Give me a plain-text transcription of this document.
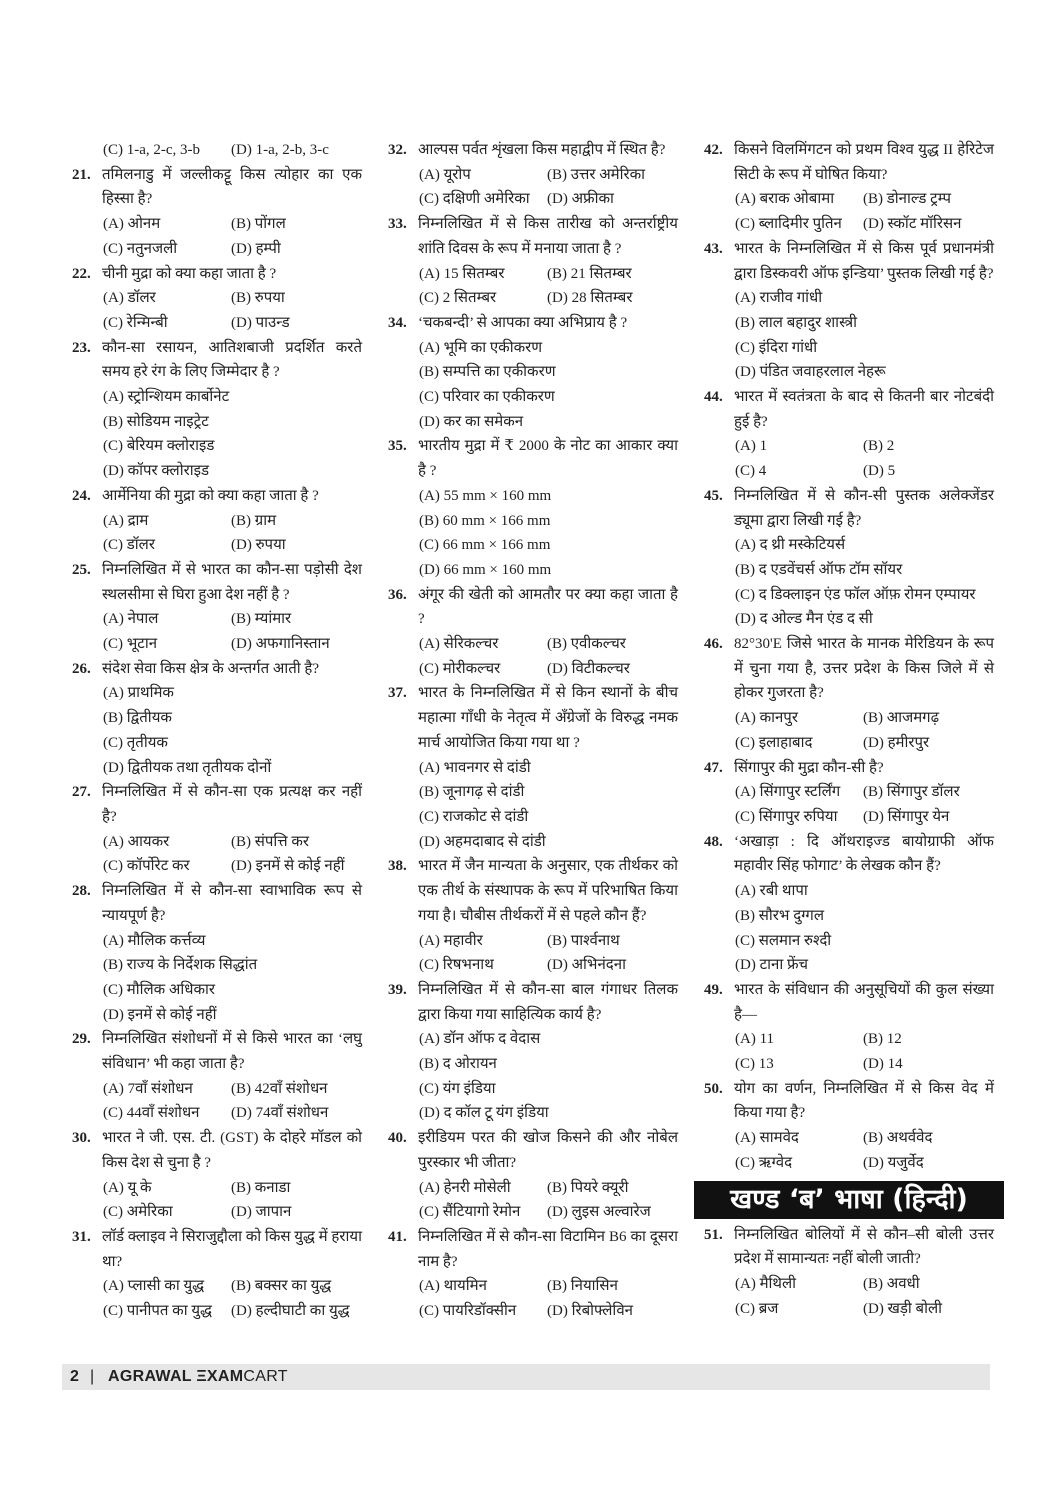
(C) 1-a, 2-c, 3-b	(D) 1-a, 2-b, 3-c
21. तमिलनाडु में जल्लीकट्टू किस त्योहार का एक हिस्सा है?
(A) ओनम	(B) पोंगल
(C) नतुनजली	(D) हम्पी
22. चीनी मुद्रा को क्या कहा जाता है ?
(A) डॉलर	(B) रुपया
(C) रेन्मिन्बी	(D) पाउन्ड
23. कौन-सा रसायन, आतिशबाजी प्रदर्शित करते समय हरे रंग के लिए जिम्मेदार है ?
(A) स्ट्रोन्शियम कार्बोनेट
(B) सोडियम नाइट्रेट
(C) बेरियम क्लोराइड
(D) कॉपर क्लोराइड
24. आर्मेनिया की मुद्रा को क्या कहा जाता है ?
(A) द्राम	(B) ग्राम
(C) डॉलर	(D) रुपया
25. निम्नलिखित में से भारत का कौन-सा पड़ोसी देश स्थलसीमा से घिरा हुआ देश नहीं है ?
(A) नेपाल	(B) म्यांमार
(C) भूटान	(D) अफगानिस्तान
26. संदेश सेवा किस क्षेत्र के अन्तर्गत आती है?
(A) प्राथमिक
(B) द्वितीयक
(C) तृतीयक
(D) द्वितीयक तथा तृतीयक दोनों
27. निम्नलिखित में से कौन-सा एक प्रत्यक्ष कर नहीं है?
(A) आयकर	(B) संपत्ति कर
(C) कॉर्पोरेट कर	(D) इनमें से कोई नहीं
28. निम्नलिखित में से कौन-सा स्वाभाविक रूप से न्यायपूर्ण है?
(A) मौलिक कर्त्तव्य
(B) राज्य के निर्देशक सिद्धांत
(C) मौलिक अधिकार
(D) इनमें से कोई नहीं
29. निम्नलिखित संशोधनों में से किसे भारत का ‘लघु संविधान’ भी कहा जाता है?
(A) 7वाँ संशोधन	(B) 42वाँ संशोधन
(C) 44वाँ संशोधन	(D) 74वाँ संशोधन
30. भारत ने जी. एस. टी. (GST) के दोहरे मॉडल को किस देश से चुना है ?
(A) यू के	(B) कनाडा
(C) अमेरिका	(D) जापान
31. लॉर्ड क्लाइव ने सिराजुद्दौला को किस युद्ध में हराया था?
(A) प्लासी का युद्ध	(B) बक्सर का युद्ध
(C) पानीपत का युद्ध	(D) हल्दीघाटी का युद्ध
32. आल्पस पर्वत शृंखला किस महाद्वीप में स्थित है?
(A) यूरोप	(B) उत्तर अमेरिका
(C) दक्षिणी अमेरिका	(D) अफ्रीका
33. निम्नलिखित में से किस तारीख को अन्तर्राष्ट्रीय शांति दिवस के रूप में मनाया जाता है ?
(A) 15 सितम्बर	(B) 21 सितम्बर
(C) 2 सितम्बर	(D) 28 सितम्बर
34. ‘चकबन्दी’ से आपका क्या अभिप्राय है ?
(A) भूमि का एकीकरण
(B) सम्पत्ति का एकीकरण
(C) परिवार का एकीकरण
(D) कर का समेकन
35. भारतीय मुद्रा में ₹ 2000 के नोट का आकार क्या है ?
(A) 55 mm × 160 mm
(B) 60 mm × 166 mm
(C) 66 mm × 166 mm
(D) 66 mm × 160 mm
36. अंगूर की खेती को आमतौर पर क्या कहा जाता है ?
(A) सेरिकल्चर	(B) एवीकल्चर
(C) मोरीकल्चर	(D) विटीकल्चर
37. भारत के निम्नलिखित में से किन स्थानों के बीच महात्मा गाँधी के नेतृत्व में अँग्रेजों के विरुद्ध नमक मार्च आयोजित किया गया था ?
(A) भावनगर से दांडी
(B) जूनागढ़ से दांडी
(C) राजकोट से दांडी
(D) अहमदाबाद से दांडी
38. भारत में जैन मान्यता के अनुसार, एक तीर्थकर को एक तीर्थ के संस्थापक के रूप में परिभाषित किया गया है। चौबीस तीर्थकरों में से पहले कौन हैं?
(A) महावीर	(B) पार्श्वनाथ
(C) रिषभनाथ	(D) अभिनंदना
39. निम्नलिखित में से कौन-सा बाल गंगाधर तिलक द्वारा किया गया साहित्यिक कार्य है?
(A) डॉन ऑफ द वेदास
(B) द ओरायन
(C) यंग इंडिया
(D) द कॉल टू यंग इंडिया
40. इरीडियम परत की खोज किसने की और नोबेल पुरस्कार भी जीता?
(A) हेनरी मोसेली	(B) पियरे क्यूरी
(C) सैंटियागो रेमोन	(D) लुइस अल्वारेज
41. निम्नलिखित में से कौन-सा विटामिन B6 का दूसरा नाम है?
(A) थायमिन	(B) नियासिन
(C) पायरिडॉक्सीन	(D) रिबोफ्लेविन
42. किसने विलमिंगटन को प्रथम विश्व युद्ध II हेरिटेज सिटी के रूप में घोषित किया?
(A) बराक ओबामा	(B) डोनाल्ड ट्रम्प
(C) ब्लादिमीर पुतिन	(D) स्कॉट मॉरिसन
43. भारत के निम्नलिखित में से किस पूर्व प्रधानमंत्री द्वारा डिस्कवरी ऑफ इन्डिया’ पुस्तक लिखी गई है?
(A) राजीव गांधी
(B) लाल बहादुर शास्त्री
(C) इंदिरा गांधी
(D) पंडित जवाहरलाल नेहरू
44. भारत में स्वतंत्रता के बाद से कितनी बार नोटबंदी हुई है?
(A) 1	(B) 2
(C) 4	(D) 5
45. निम्नलिखित में से कौन-सी पुस्तक अलेक्जेंडर ड्यूमा द्वारा लिखी गई है?
(A) द थ्री मस्केटियर्स
(B) द एडवेंचर्स ऑफ टॉम सॉयर
(C) द डिक्लाइन एंड फॉल ऑफ़ रोमन एम्पायर
(D) द ओल्ड मैन एंड द सी
46. 82°30'E जिसे भारत के मानक मेरिडियन के रूप में चुना गया है, उत्तर प्रदेश के किस जिले में से होकर गुजरता है?
(A) कानपुर	(B) आजमगढ़
(C) इलाहाबाद	(D) हमीरपुर
47. सिंगापुर की मुद्रा कौन-सी है?
(A) सिंगापुर स्टर्लिंग	(B) सिंगापुर डॉलर
(C) सिंगापुर रुपिया	(D) सिंगापुर येन
48. ‘अखाड़ा : दि ऑथराइज्ड बायोग्राफी ऑफ महावीर सिंह फोगाट’ के लेखक कौन हैं?
(A) रबी थापा
(B) सौरभ दुग्गल
(C) सलमान रुश्दी
(D) टाना फ्रेंच
49. भारत के संविधान की अनुसूचियों की कुल संख्या है—
(A) 11	(B) 12
(C) 13	(D) 14
50. योग का वर्णन, निम्नलिखित में से किस वेद में किया गया है?
(A) सामवेद	(B) अथर्ववेद
(C) ऋग्वेद	(D) यजुर्वेद
खण्ड ‘ब’ भाषा (हिन्दी)
51. निम्नलिखित बोलियों में से कौन–सी बोली उत्तर प्रदेश में सामान्यतः नहीं बोली जाती?
(A) मैथिली	(B) अवधी
(C) ब्रज	(D) खड़ी बोली
2 | AGRAWAL ΞXAMCART
